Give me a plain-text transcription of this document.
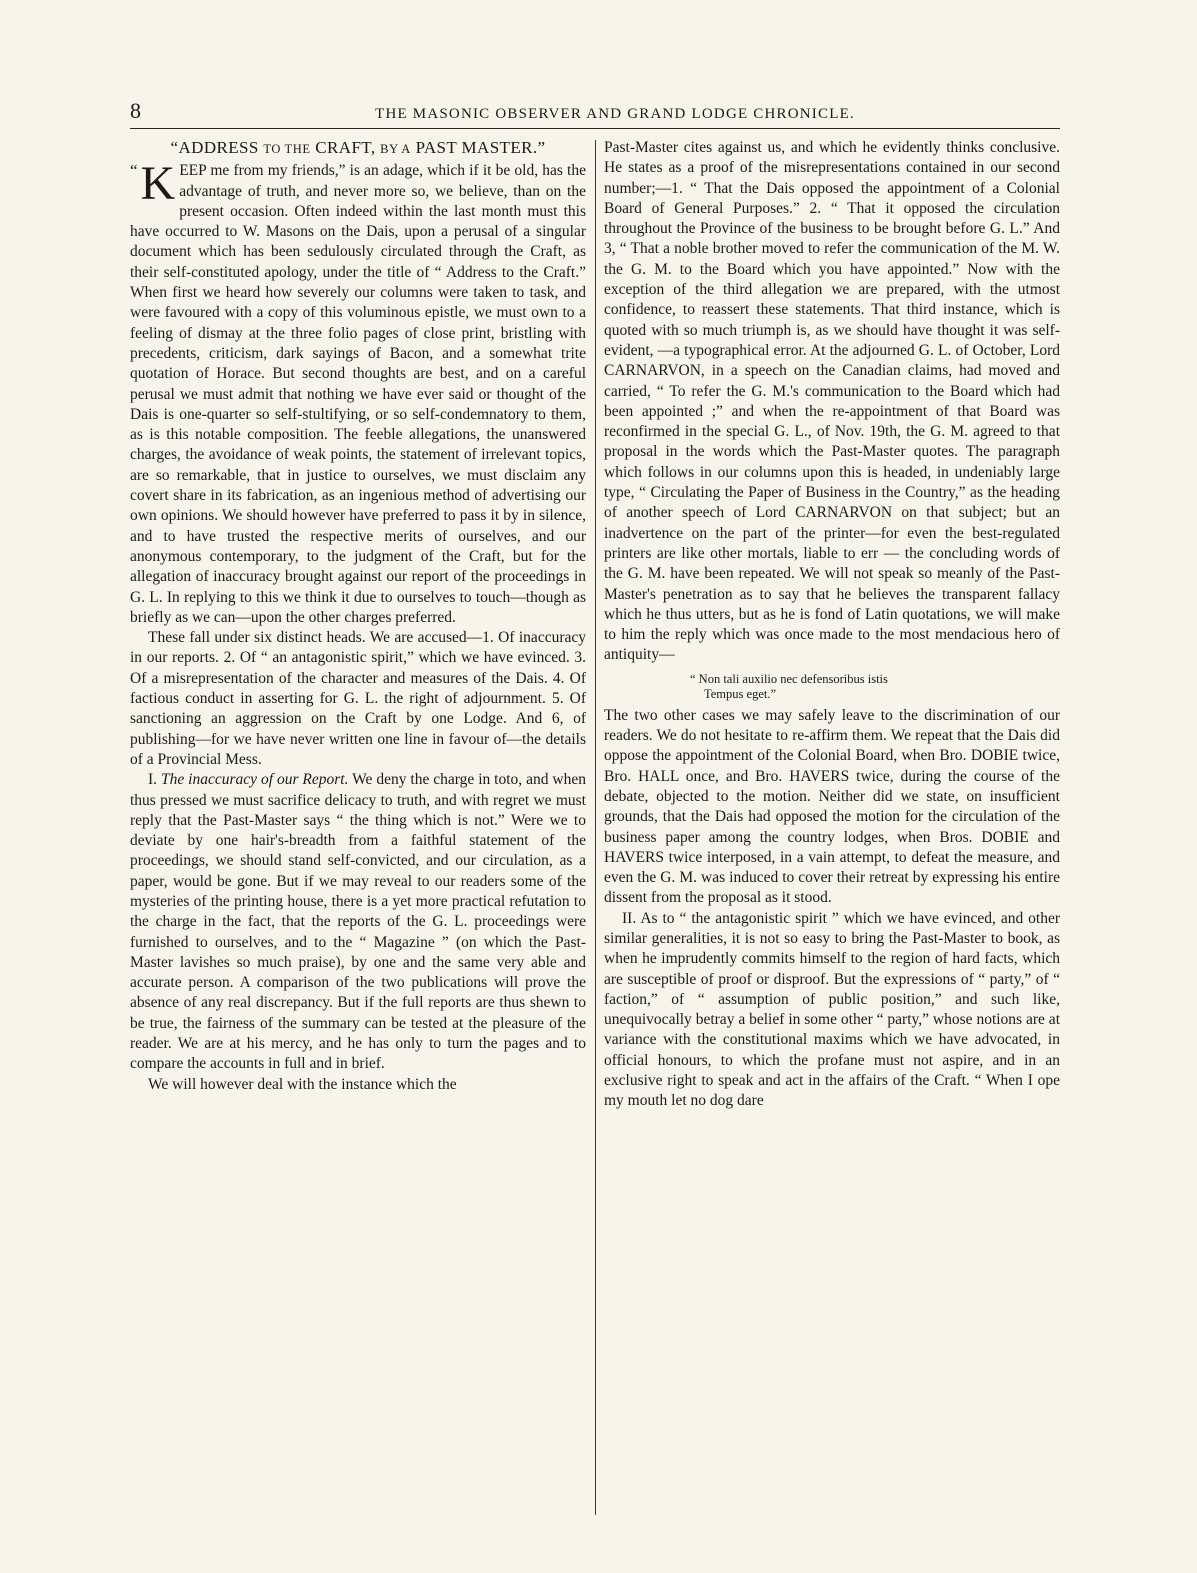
8	THE MASONIC OBSERVER AND GRAND LODGE CHRONICLE.
“ADDRESS TO THE CRAFT, BY A PAST MASTER.”

“ K EEP me from my friends,” is an adage, which if it be old, has the advantage of truth, and never more so, we believe, than on the present occasion. Often indeed within the last month must this have occurred to W. Masons on the Dais, upon a perusal of a singular document which has been sedulously circulated through the Craft, as their self-constituted apology, under the title of “ Address to the Craft.” When first we heard how severely our columns were taken to task, and were favoured with a copy of this voluminous epistle, we must own to a feeling of dismay at the three folio pages of close print, bristling with precedents, criticism, dark sayings of Bacon, and a somewhat trite quotation of Horace. But second thoughts are best, and on a careful perusal we must admit that nothing we have ever said or thought of the Dais is one-quarter so self-stultifying, or so self-condemnatory to them, as is this notable composition. The feeble allegations, the unanswered charges, the avoidance of weak points, the statement of irrelevant topics, are so remarkable, that in justice to ourselves, we must disclaim any covert share in its fabrication, as an ingenious method of advertising our own opinions. We should however have preferred to pass it by in silence, and to have trusted the respective merits of ourselves, and our anonymous contemporary, to the judgment of the Craft, but for the allegation of inaccuracy brought against our report of the proceedings in G. L. In replying to this we think it due to ourselves to touch—though as briefly as we can—upon the other charges preferred.

These fall under six distinct heads. We are accused—1. Of inaccuracy in our reports. 2. Of “ an antagonistic spirit,” which we have evinced. 3. Of a misrepresentation of the character and measures of the Dais. 4. Of factious conduct in asserting for G. L. the right of adjournment. 5. Of sanctioning an aggression on the Craft by one Lodge. And 6, of publishing—for we have never written one line in favour of—the details of a Provincial Mess.

I. The inaccuracy of our Report. We deny the charge in toto, and when thus pressed we must sacrifice delicacy to truth, and with regret we must reply that the Past-Master says “ the thing which is not.” Were we to deviate by one hair's-breadth from a faithful statement of the proceedings, we should stand self-convicted, and our circulation, as a paper, would be gone. But if we may reveal to our readers some of the mysteries of the printing house, there is a yet more practical refutation to the charge in the fact, that the reports of the G. L. proceedings were furnished to ourselves, and to the “ Magazine ” (on which the Past-Master lavishes so much praise), by one and the same very able and accurate person. A comparison of the two publications will prove the absence of any real discrepancy. But if the full reports are thus shewn to be true, the fairness of the summary can be tested at the pleasure of the reader. We are at his mercy, and he has only to turn the pages and to compare the accounts in full and in brief.

We will however deal with the instance which the

Past-Master cites against us, and which he evidently thinks conclusive. He states as a proof of the misrepresentations contained in our second number;—1. “ That the Dais opposed the appointment of a Colonial Board of General Purposes.” 2. “ That it opposed the circulation throughout the Province of the business to be brought before G. L.” And 3, “ That a noble brother moved to refer the communication of the M. W. the G. M. to the Board which you have appointed.” Now with the exception of the third allegation we are prepared, with the utmost confidence, to reassert these statements. That third instance, which is quoted with so much triumph is, as we should have thought it was self-evident, —a typographical error. At the adjourned G. L. of October, Lord CARNARVON, in a speech on the Canadian claims, had moved and carried, “ To refer the G. M.'s communication to the Board which had been appointed ;” and when the re-appointment of that Board was reconfirmed in the special G. L., of Nov. 19th, the G. M. agreed to that proposal in the words which the Past-Master quotes. The paragraph which follows in our columns upon this is headed, in undeniably large type, “ Circulating the Paper of Business in the Country,” as the heading of another speech of Lord CARNARVON on that subject; but an inadvertence on the part of the printer—for even the best-regulated printers are like other mortals, liable to err — the concluding words of the G. M. have been repeated. We will not speak so meanly of the Past-Master's penetration as to say that he believes the transparent fallacy which he thus utters, but as he is fond of Latin quotations, we will make to him the reply which was once made to the most mendacious hero of antiquity—

“ Non tali auxilio nec defensoribus istis
Tempus eget.”

The two other cases we may safely leave to the discrimination of our readers. We do not hesitate to re-affirm them. We repeat that the Dais did oppose the appointment of the Colonial Board, when Bro. DOBIE twice, Bro. HALL once, and Bro. HAVERS twice, during the course of the debate, objected to the motion. Neither did we state, on insufficient grounds, that the Dais had opposed the motion for the circulation of the business paper among the country lodges, when Bros. DOBIE and HAVERS twice interposed, in a vain attempt, to defeat the measure, and even the G. M. was induced to cover their retreat by expressing his entire dissent from the proposal as it stood.

II. As to “ the antagonistic spirit ” which we have evinced, and other similar generalities, it is not so easy to bring the Past-Master to book, as when he imprudently commits himself to the region of hard facts, which are susceptible of proof or disproof. But the expressions of “ party,” of “ faction,” of “ assumption of public position,” and such like, unequivocally betray a belief in some other “ party,” whose notions are at variance with the constitutional maxims which we have advocated, in official honours, to which the profane must not aspire, and in an exclusive right to speak and act in the affairs of the Craft. “ When I ope my mouth let no dog dare
